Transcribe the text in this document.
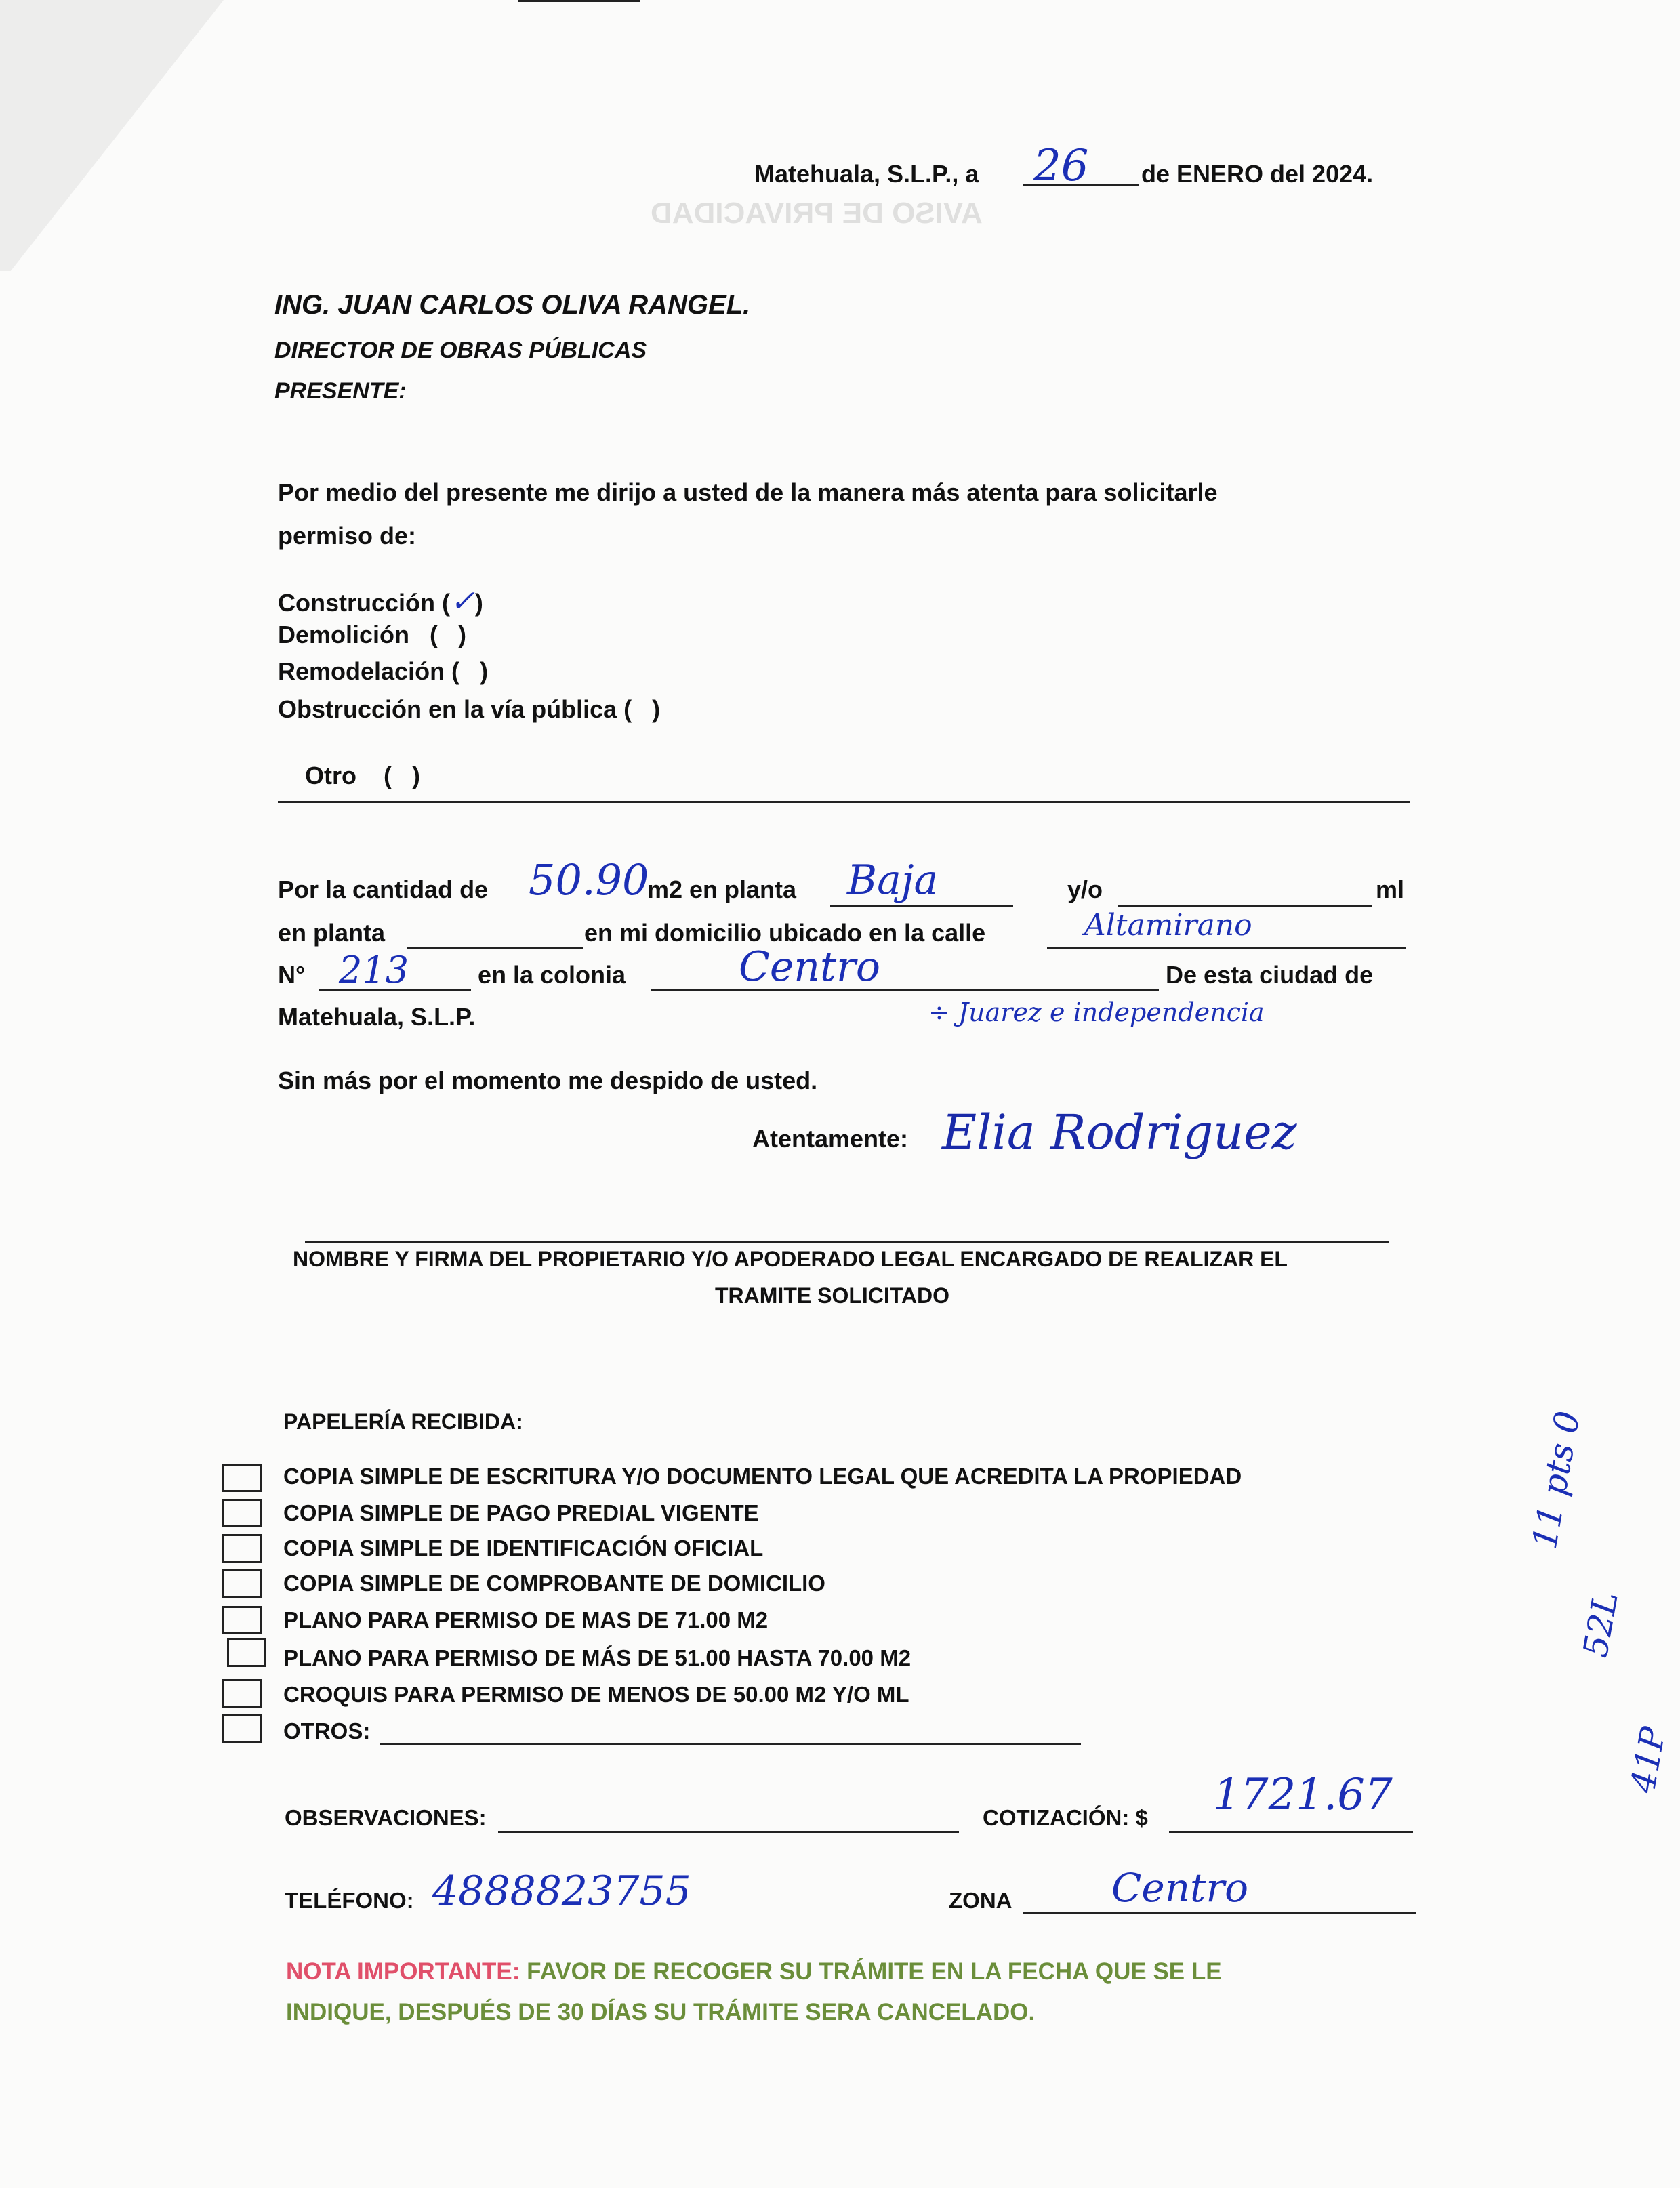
AVISO DE PRIVACIDAD
Matehuala, S.L.P., a 26 de ENERO del 2024.
ING. JUAN CARLOS OLIVA RANGEL.
DIRECTOR DE OBRAS PÚBLICAS
PRESENTE:
Por medio del presente me dirijo a usted de la manera más atenta para solicitarle
permiso de:
Construcción (✓)
Demolición   ( )
Remodelación ( )
Obstrucción en la vía pública ( )

Otro    ( )

Por la cantidad de 50.90
m2 en planta Baja	y/o	ml
en planta	en mi domicilio ubicado en la calle	Altamirano
N° 213	en la colonia	Centro	De esta ciudad de
Matehuala, S.L.P.	÷ Juarez e independencia
Sin más por el momento me despido de usted.
Atentamente: Elia Rodriguez
NOMBRE Y FIRMA DEL PROPIETARIO Y/O APODERADO LEGAL ENCARGADO DE REALIZAR EL
TRAMITE SOLICITADO
PAPELERÍA RECIBIDA:
COPIA SIMPLE DE ESCRITURA Y/O DOCUMENTO LEGAL QUE ACREDITA LA PROPIEDAD
COPIA SIMPLE DE PAGO PREDIAL VIGENTE
COPIA SIMPLE DE IDENTIFICACIÓN OFICIAL
COPIA SIMPLE DE COMPROBANTE DE DOMICILIO
PLANO PARA PERMISO DE MAS DE 71.00 M2
PLANO PARA PERMISO DE MÁS DE 51.00 HASTA 70.00 M2
CROQUIS PARA PERMISO DE MENOS DE 50.00 M2 Y/O ML
OTROS:
OBSERVACIONES:	COTIZACIÓN: $ 1721.67
TELÉFONO: 4888823755	ZONA	Centro
NOTA IMPORTANTE: FAVOR DE RECOGER SU TRÁMITE EN LA FECHA QUE SE LE
INDIQUE, DESPUÉS DE 30 DÍAS SU TRÁMITE SERA CANCELADO.
11 pts 0
52L
41P
